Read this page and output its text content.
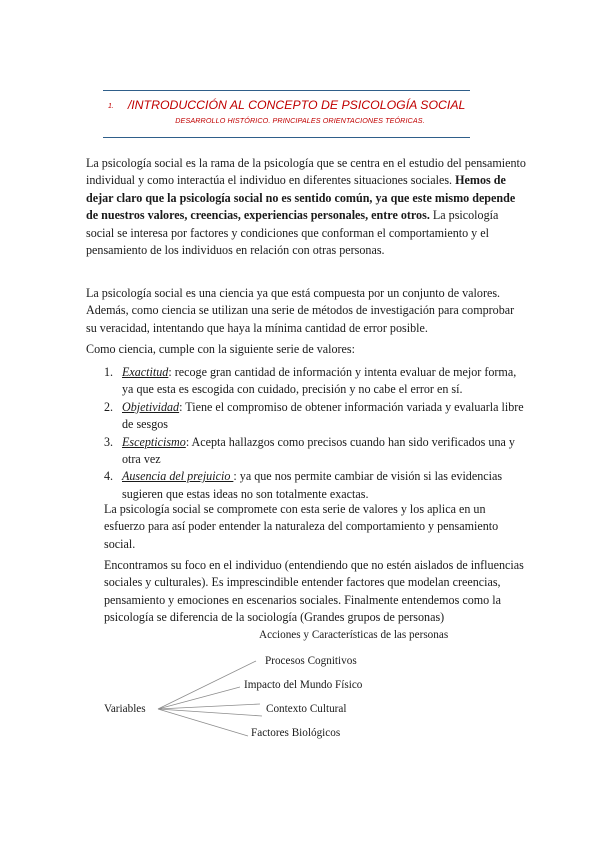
1. /INTRODUCCIÓN AL CONCEPTO DE PSICOLOGÍA SOCIAL
DESARROLLO HISTÓRICO. PRINCIPALES ORIENTACIONES TEÓRICAS.
La psicología social es la rama de la psicología que se centra en el estudio del pensamiento individual y como interactúa el individuo en diferentes situaciones sociales. Hemos de dejar claro que la psicología social no es sentido común, ya que este mismo depende de nuestros valores, creencias, experiencias personales, entre otros. La psicología social se interesa por factores y condiciones que conforman el comportamiento y el pensamiento de los individuos en relación con otras personas.
La psicología social es una ciencia ya que está compuesta por un conjunto de valores. Además, como ciencia se utilizan una serie de métodos de investigación para comprobar su veracidad, intentando que haya la mínima cantidad de error posible.
Como ciencia, cumple con la siguiente serie de valores:
1. Exactitud: recoge gran cantidad de información y intenta evaluar de mejor forma, ya que esta es escogida con cuidado, precisión y no cabe el error en sí.
2. Objetividad: Tiene el compromiso de obtener información variada y evaluarla libre de sesgos
3. Escepticismo: Acepta hallazgos como precisos cuando han sido verificados una y otra vez
4. Ausencia del prejuicio : ya que nos permite cambiar de visión si las evidencias sugieren que estas ideas no son totalmente exactas.
La psicología social se compromete con esta serie de valores y los aplica en un esfuerzo para así poder entender la naturaleza del comportamiento y pensamiento social.
Encontramos su foco en el individuo (entendiendo que no estén aislados de influencias sociales y culturales). Es imprescindible entender factores que modelan creencias, pensamiento y emociones en escenarios sociales. Finalmente entendemos como la psicología se diferencia de la sociología (Grandes grupos de personas)
Acciones y Características de las personas
Procesos Cognitivos
Impacto del Mundo Físico
Variables	Contexto Cultural
Factores Biológicos
